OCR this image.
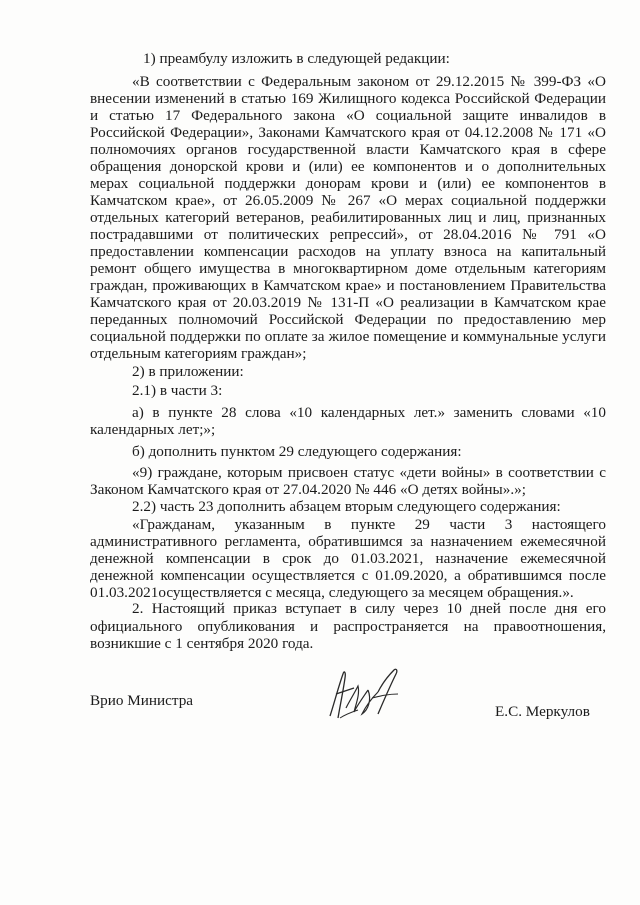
1) преамбулу изложить в следующей редакции:
«В соответствии с Федеральным законом от 29.12.2015 № 399-ФЗ «О
внесении изменений в статью 169 Жилищного кодекса Российской Федерации
и статью 17 Федерального закона «О социальной защите инвалидов в
Российской Федерации», Законами Камчатского края от 04.12.2008 № 171 «О
полномочиях органов государственной власти Камчатского края в сфере
обращения донорской крови и (или) ее компонентов и о дополнительных
мерах социальной поддержки донорам крови и (или) ее компонентов в
Камчатском крае», от 26.05.2009 № 267 «О мерах социальной поддержки
отдельных категорий ветеранов, реабилитированных лиц и лиц, признанных
пострадавшими от политических репрессий», от 28.04.2016 № 791 «О
предоставлении компенсации расходов на уплату взноса на капитальный
ремонт общего имущества в многоквартирном доме отдельным категориям
граждан, проживающих в Камчатском крае» и постановлением Правительства
Камчатского края от 20.03.2019 № 131-П «О реализации в Камчатском крае
переданных полномочий Российской Федерации по предоставлению мер
социальной поддержки по оплате за жилое помещение и коммунальные услуги
отдельным категориям граждан»;
2) в приложении:
2.1) в части 3:
а) в пункте 28 слова «10 календарных лет.» заменить словами «10
календарных лет;»;
б) дополнить пунктом 29 следующего содержания:
«9) граждане, которым присвоен статус «дети войны» в соответствии с
Законом Камчатского края от 27.04.2020 № 446 «О детях войны».»;
2.2) часть 23 дополнить абзацем вторым следующего содержания:
«Гражданам, указанным в пункте 29 части 3 настоящего
административного регламента, обратившимся за назначением ежемесячной
денежной компенсации в срок до 01.03.2021, назначение ежемесячной
денежной компенсации осуществляется с 01.09.2020, а обратившимся после
01.03.2021осуществляется с месяца, следующего за месяцем обращения.».
2. Настоящий приказ вступает в силу через 10 дней после дня его
официального опубликования и распространяется на правоотношения,
возникшие с 1 сентября 2020 года.
Врио Министра
Е.С. Меркулов
